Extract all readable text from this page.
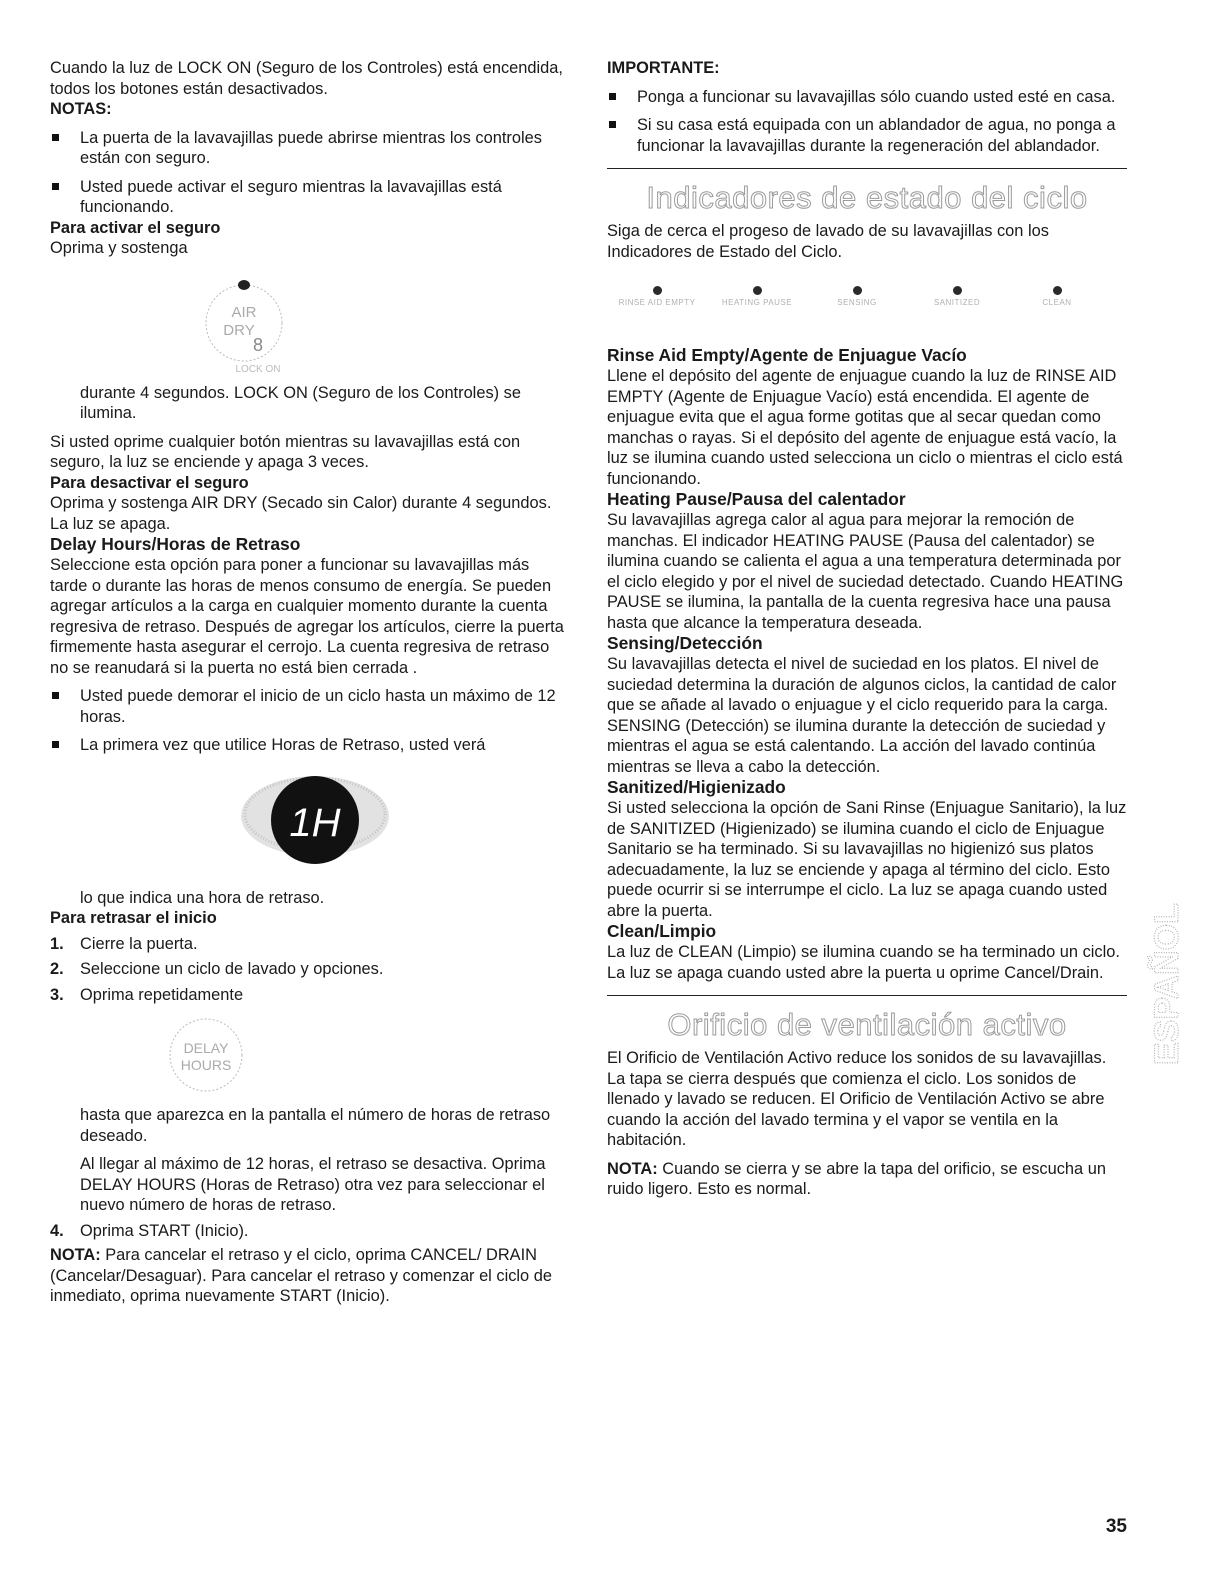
Cuando la luz de LOCK ON (Seguro de los Controles) está encendida, todos los botones están desactivados.

NOTAS:

La puerta de la lavavajillas puede abrirse mientras los controles están con seguro.
Usted puede activar el seguro mientras la lavavajillas está funcionando.

Para activar el seguro

Oprima y sostenga

AIR
DRY
8
LOCK ON

durante 4 segundos. LOCK ON (Seguro de los Controles) se ilumina.

Si usted oprime cualquier botón mientras su lavavajillas está con seguro, la luz se enciende y apaga 3 veces.

Para desactivar el seguro

Oprima y sostenga AIR DRY (Secado sin Calor) durante 4 segundos. La luz se apaga.

Delay Hours/Horas de Retraso

Seleccione esta opción para poner a funcionar su lavavajillas más tarde o durante las horas de menos consumo de energía. Se pueden agregar artículos a la carga en cualquier momento durante la cuenta regresiva de retraso. Después de agregar los artículos, cierre la puerta firmemente hasta asegurar el cerrojo. La cuenta regresiva de retraso no se reanudará si la puerta no está bien cerrada .

Usted puede demorar el inicio de un ciclo hasta un máximo de 12 horas.
La primera vez que utilice Horas de Retraso, usted verá
1H

lo que indica una hora de retraso.

Para retrasar el inicio

1. Cierre la puerta.
2. Seleccione un ciclo de lavado y opciones.
3. Oprima repetidamente
DELAY
HOURS

hasta que aparezca en la pantalla el número de horas de retraso deseado.

Al llegar al máximo de 12 horas, el retraso se desactiva. Oprima DELAY HOURS (Horas de Retraso) otra vez para seleccionar el nuevo número de horas de retraso.

4. Oprima START (Inicio).

NOTA: Para cancelar el retraso y el ciclo, oprima CANCEL/ DRAIN (Cancelar/Desaguar). Para cancelar el retraso y comenzar el ciclo de inmediato, oprima nuevamente START (Inicio).

IMPORTANTE:

Ponga a funcionar su lavavajillas sólo cuando usted esté en casa.
Si su casa está equipada con un ablandador de agua, no ponga a funcionar la lavavajillas durante la regeneración del ablandador.
Indicadores de estado del ciclo

Siga de cerca el progeso de lavado de su lavavajillas con los Indicadores de Estado del Ciclo.

RINSE AID EMPTY	HEATING PAUSE	SENSING	SANITIZED	CLEAN

Rinse Aid Empty/Agente de Enjuague Vacío

Llene el depósito del agente de enjuague cuando la luz de RINSE AID EMPTY (Agente de Enjuague Vacío) está encendida. El agente de enjuague evita que el agua forme gotitas que al secar quedan como manchas o rayas. Si el depósito del agente de enjuague está vacío, la luz se ilumina cuando usted selecciona un ciclo o mientras el ciclo está funcionando.

Heating Pause/Pausa del calentador

Su lavavajillas agrega calor al agua para mejorar la remoción de manchas. El indicador HEATING PAUSE (Pausa del calentador) se ilumina cuando se calienta el agua a una temperatura determinada por el ciclo elegido y por el nivel de suciedad detectado. Cuando HEATING PAUSE se ilumina, la pantalla de la cuenta regresiva hace una pausa hasta que alcance la temperatura deseada.

Sensing/Detección

Su lavavajillas detecta el nivel de suciedad en los platos. El nivel de suciedad determina la duración de algunos ciclos, la cantidad de calor que se añade al lavado o enjuague y el ciclo requerido para la carga. SENSING (Detección) se ilumina durante la detección de suciedad y mientras el agua se está calentando. La acción del lavado continúa mientras se lleva a cabo la detección.

Sanitized/Higienizado

Si usted selecciona la opción de Sani Rinse (Enjuague Sanitario), la luz de SANITIZED (Higienizado) se ilumina cuando el ciclo de Enjuague Sanitario se ha terminado. Si su lavavajillas no higienizó sus platos adecuadamente, la luz se enciende y apaga al término del ciclo. Esto puede ocurrir si se interrumpe el ciclo. La luz se apaga cuando usted abre la puerta.

Clean/Limpio

La luz de CLEAN (Limpio) se ilumina cuando se ha terminado un ciclo. La luz se apaga cuando usted abre la puerta u oprime Cancel/Drain.

Orificio de ventilación activo

El Orificio de Ventilación Activo reduce los sonidos de su lavavajillas. La tapa se cierra después que comienza el ciclo. Los sonidos de llenado y lavado se reducen. El Orificio de Ventilación Activo se abre cuando la acción del lavado termina y el vapor se ventila en la habitación.

NOTA: Cuando se cierra y se abre la tapa del orificio, se escucha un ruido ligero. Esto es normal.

ESPAÑOL
35
